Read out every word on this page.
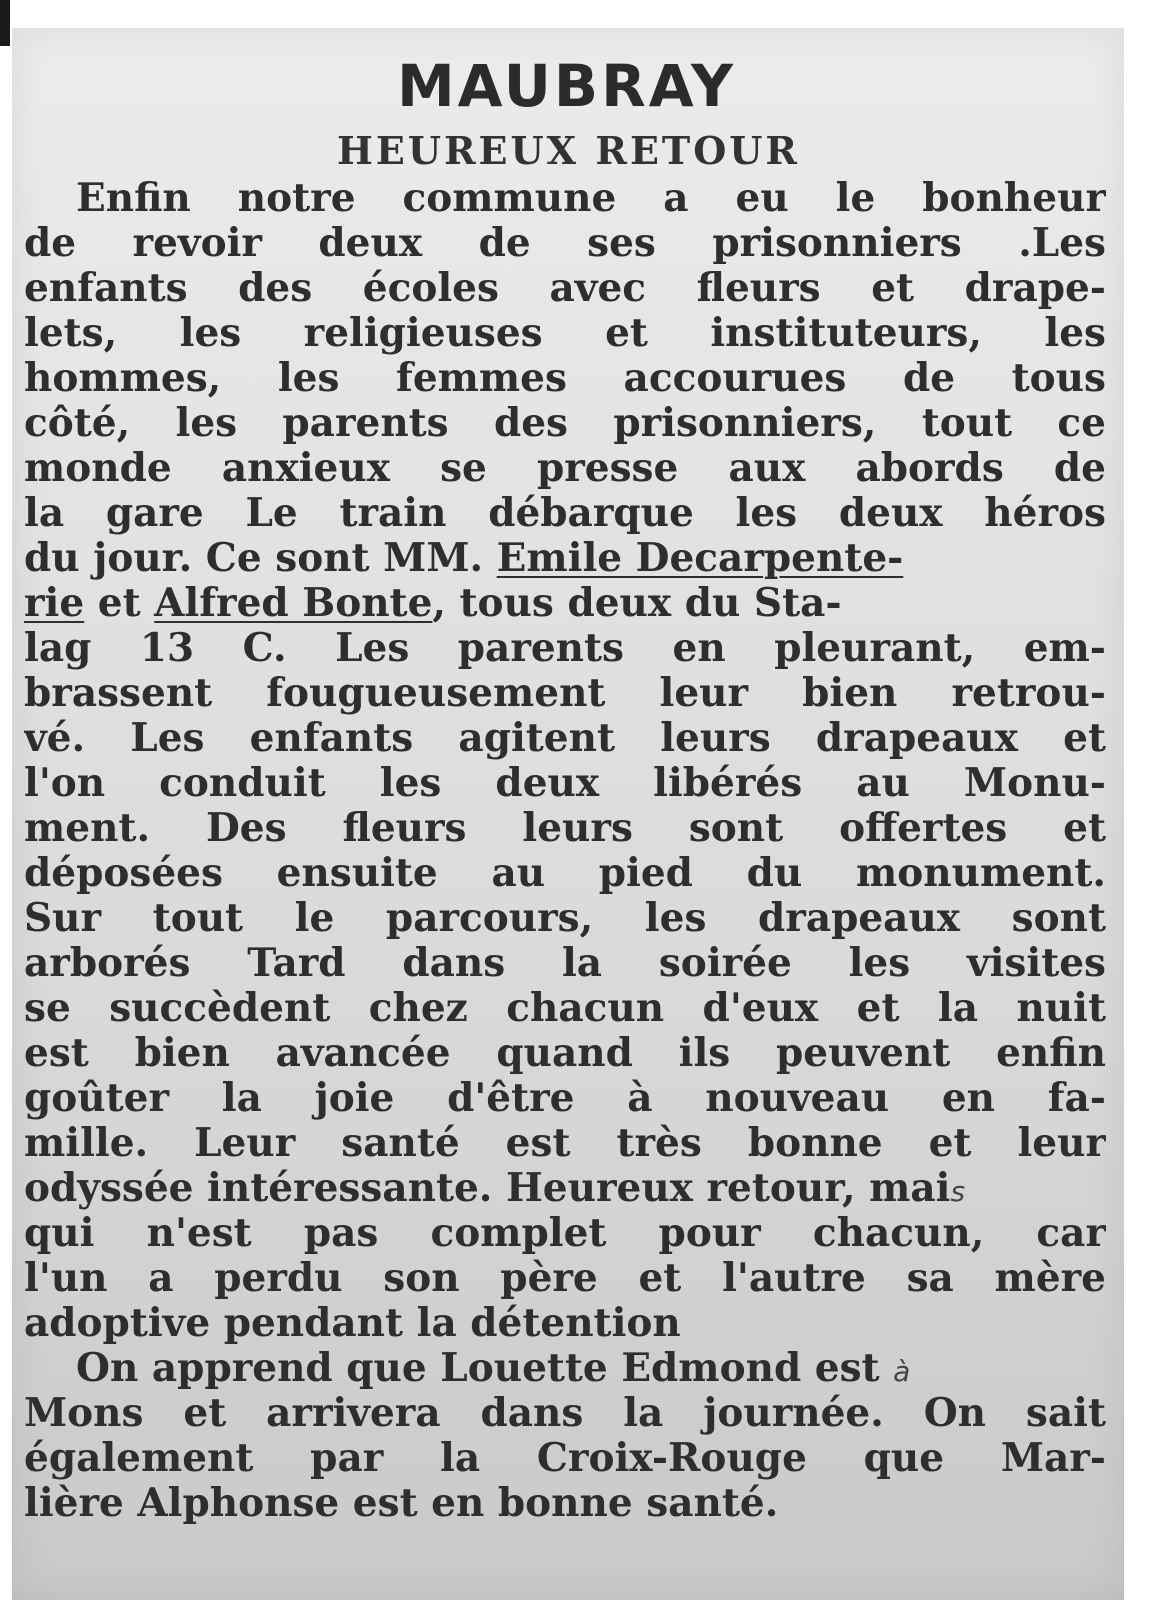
MAUBRAY
HEUREUX RETOUR
Enfin notre commune a eu le bonheur
de revoir deux de ses prisonniers .Les
enfants des écoles avec fleurs et drape-
lets, les religieuses et instituteurs, les
hommes, les femmes accourues de tous
côté, les parents des prisonniers, tout ce
monde anxieux se presse aux abords de
la gare Le train débarque les deux héros
du jour. Ce sont MM. Emile Decarpente-
rie et Alfred Bonte, tous deux du Sta-
lag 13 C. Les parents en pleurant, em-
brassent fougueusement leur bien retrou-
vé. Les enfants agitent leurs drapeaux et
l'on conduit les deux libérés au Monu-
ment. Des fleurs leurs sont offertes et
déposées ensuite au pied du monument.
Sur tout le parcours, les drapeaux sont
arborés Tard dans la soirée les visites
se succèdent chez chacun d'eux et la nuit
est bien avancée quand ils peuvent enfin
goûter la joie d'être à nouveau en fa-
mille. Leur santé est très bonne et leur
odyssée intéressante. Heureux retour, mais
qui n'est pas complet pour chacun, car
l'un a perdu son père et l'autre sa mère
adoptive pendant la détention
On apprend que Louette Edmond est à
Mons et arrivera dans la journée. On sait
également par la Croix-Rouge que Mar-
lière Alphonse est en bonne santé.
